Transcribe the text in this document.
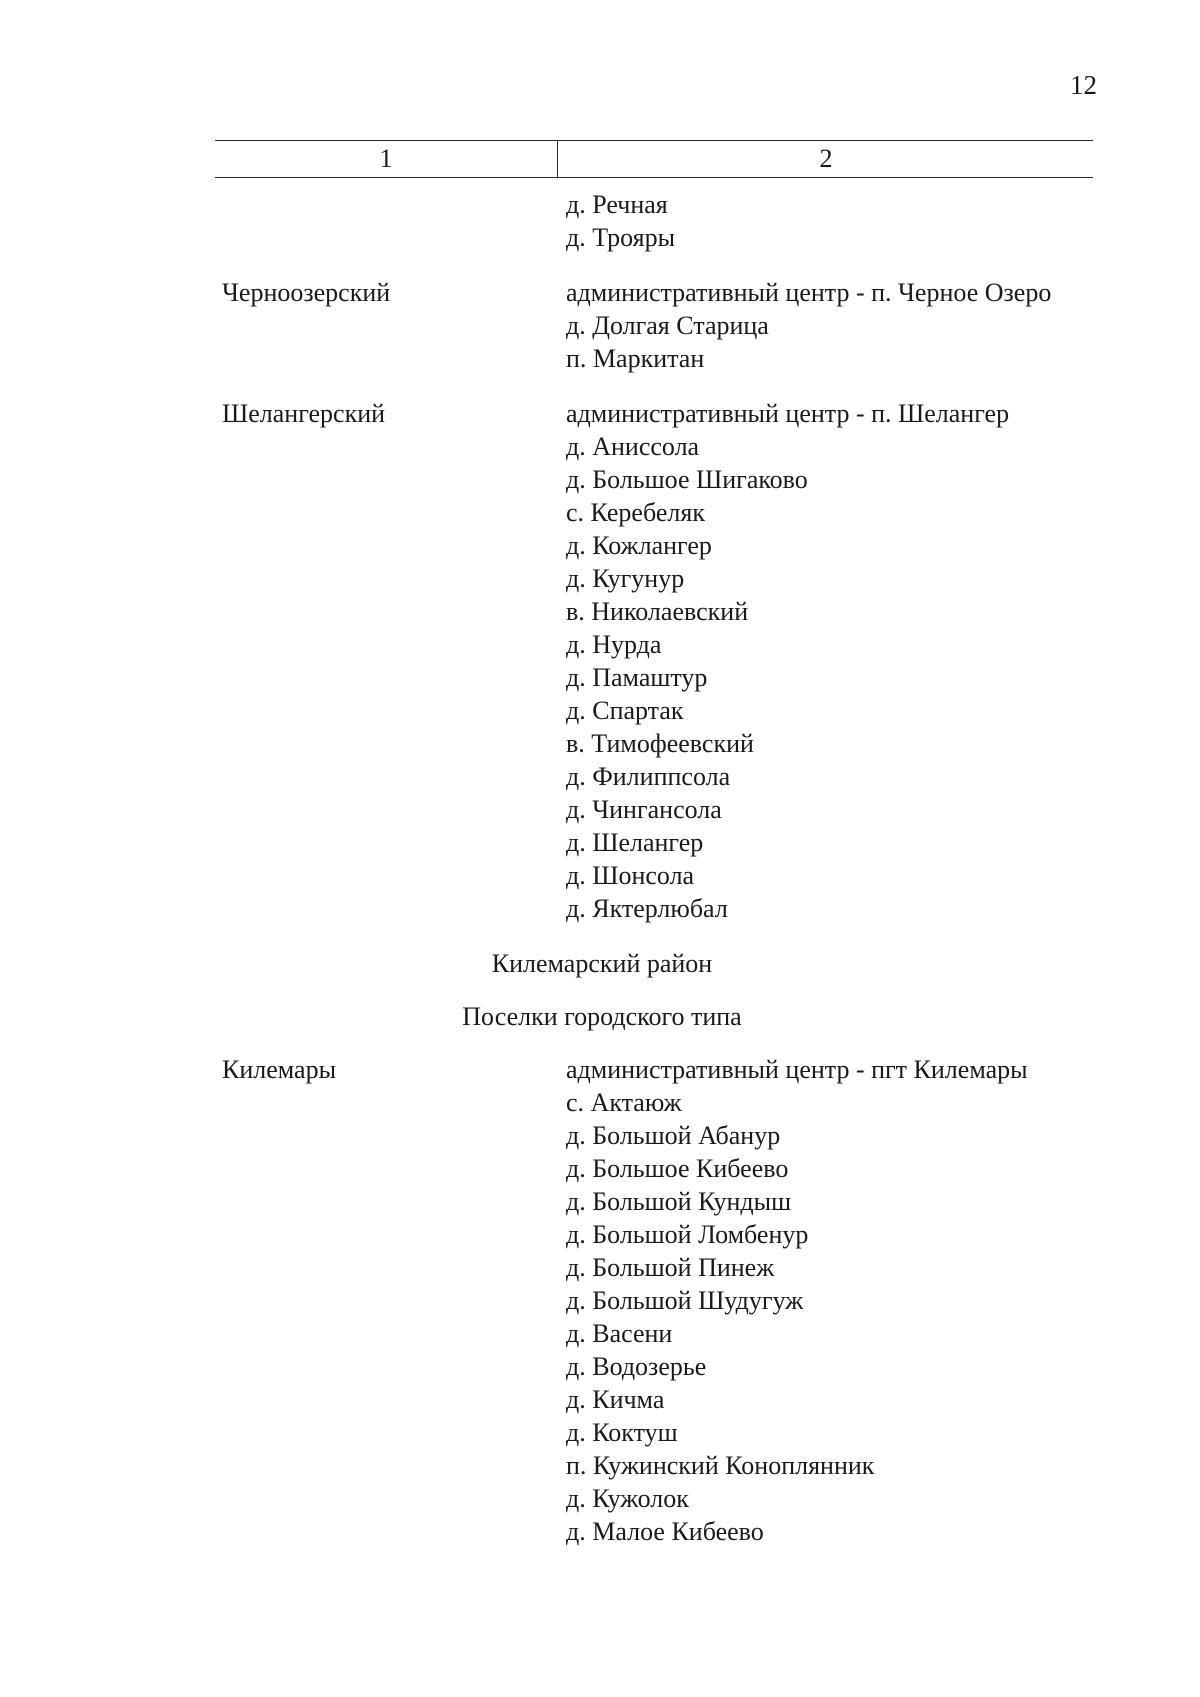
12
1	2
д. Речная
д. Трояры
Черноозерский	административный центр - п. Черное Озеро
д. Долгая Старица
п. Маркитан
Шелангерский	административный центр - п. Шелангер
д. Аниссола
д. Большое Шигаково
с. Керебеляк
д. Кожлангер
д. Кугунур
в. Николаевский
д. Нурда
д. Памаштур
д. Спартак
в. Тимофеевский
д. Филиппсола
д. Чингансола
д. Шелангер
д. Шонсола
д. Яктерлюбал
Килемарский район
Поселки городского типа
Килемары	административный центр - пгт Килемары
с. Актаюж
д. Большой Абанур
д. Большое Кибеево
д. Большой Кундыш
д. Большой Ломбенур
д. Большой Пинеж
д. Большой Шудугуж
д. Васени
д. Водозерье
д. Кичма
д. Коктуш
п. Кужинский Коноплянник
д. Кужолок
д. Малое Кибеево
